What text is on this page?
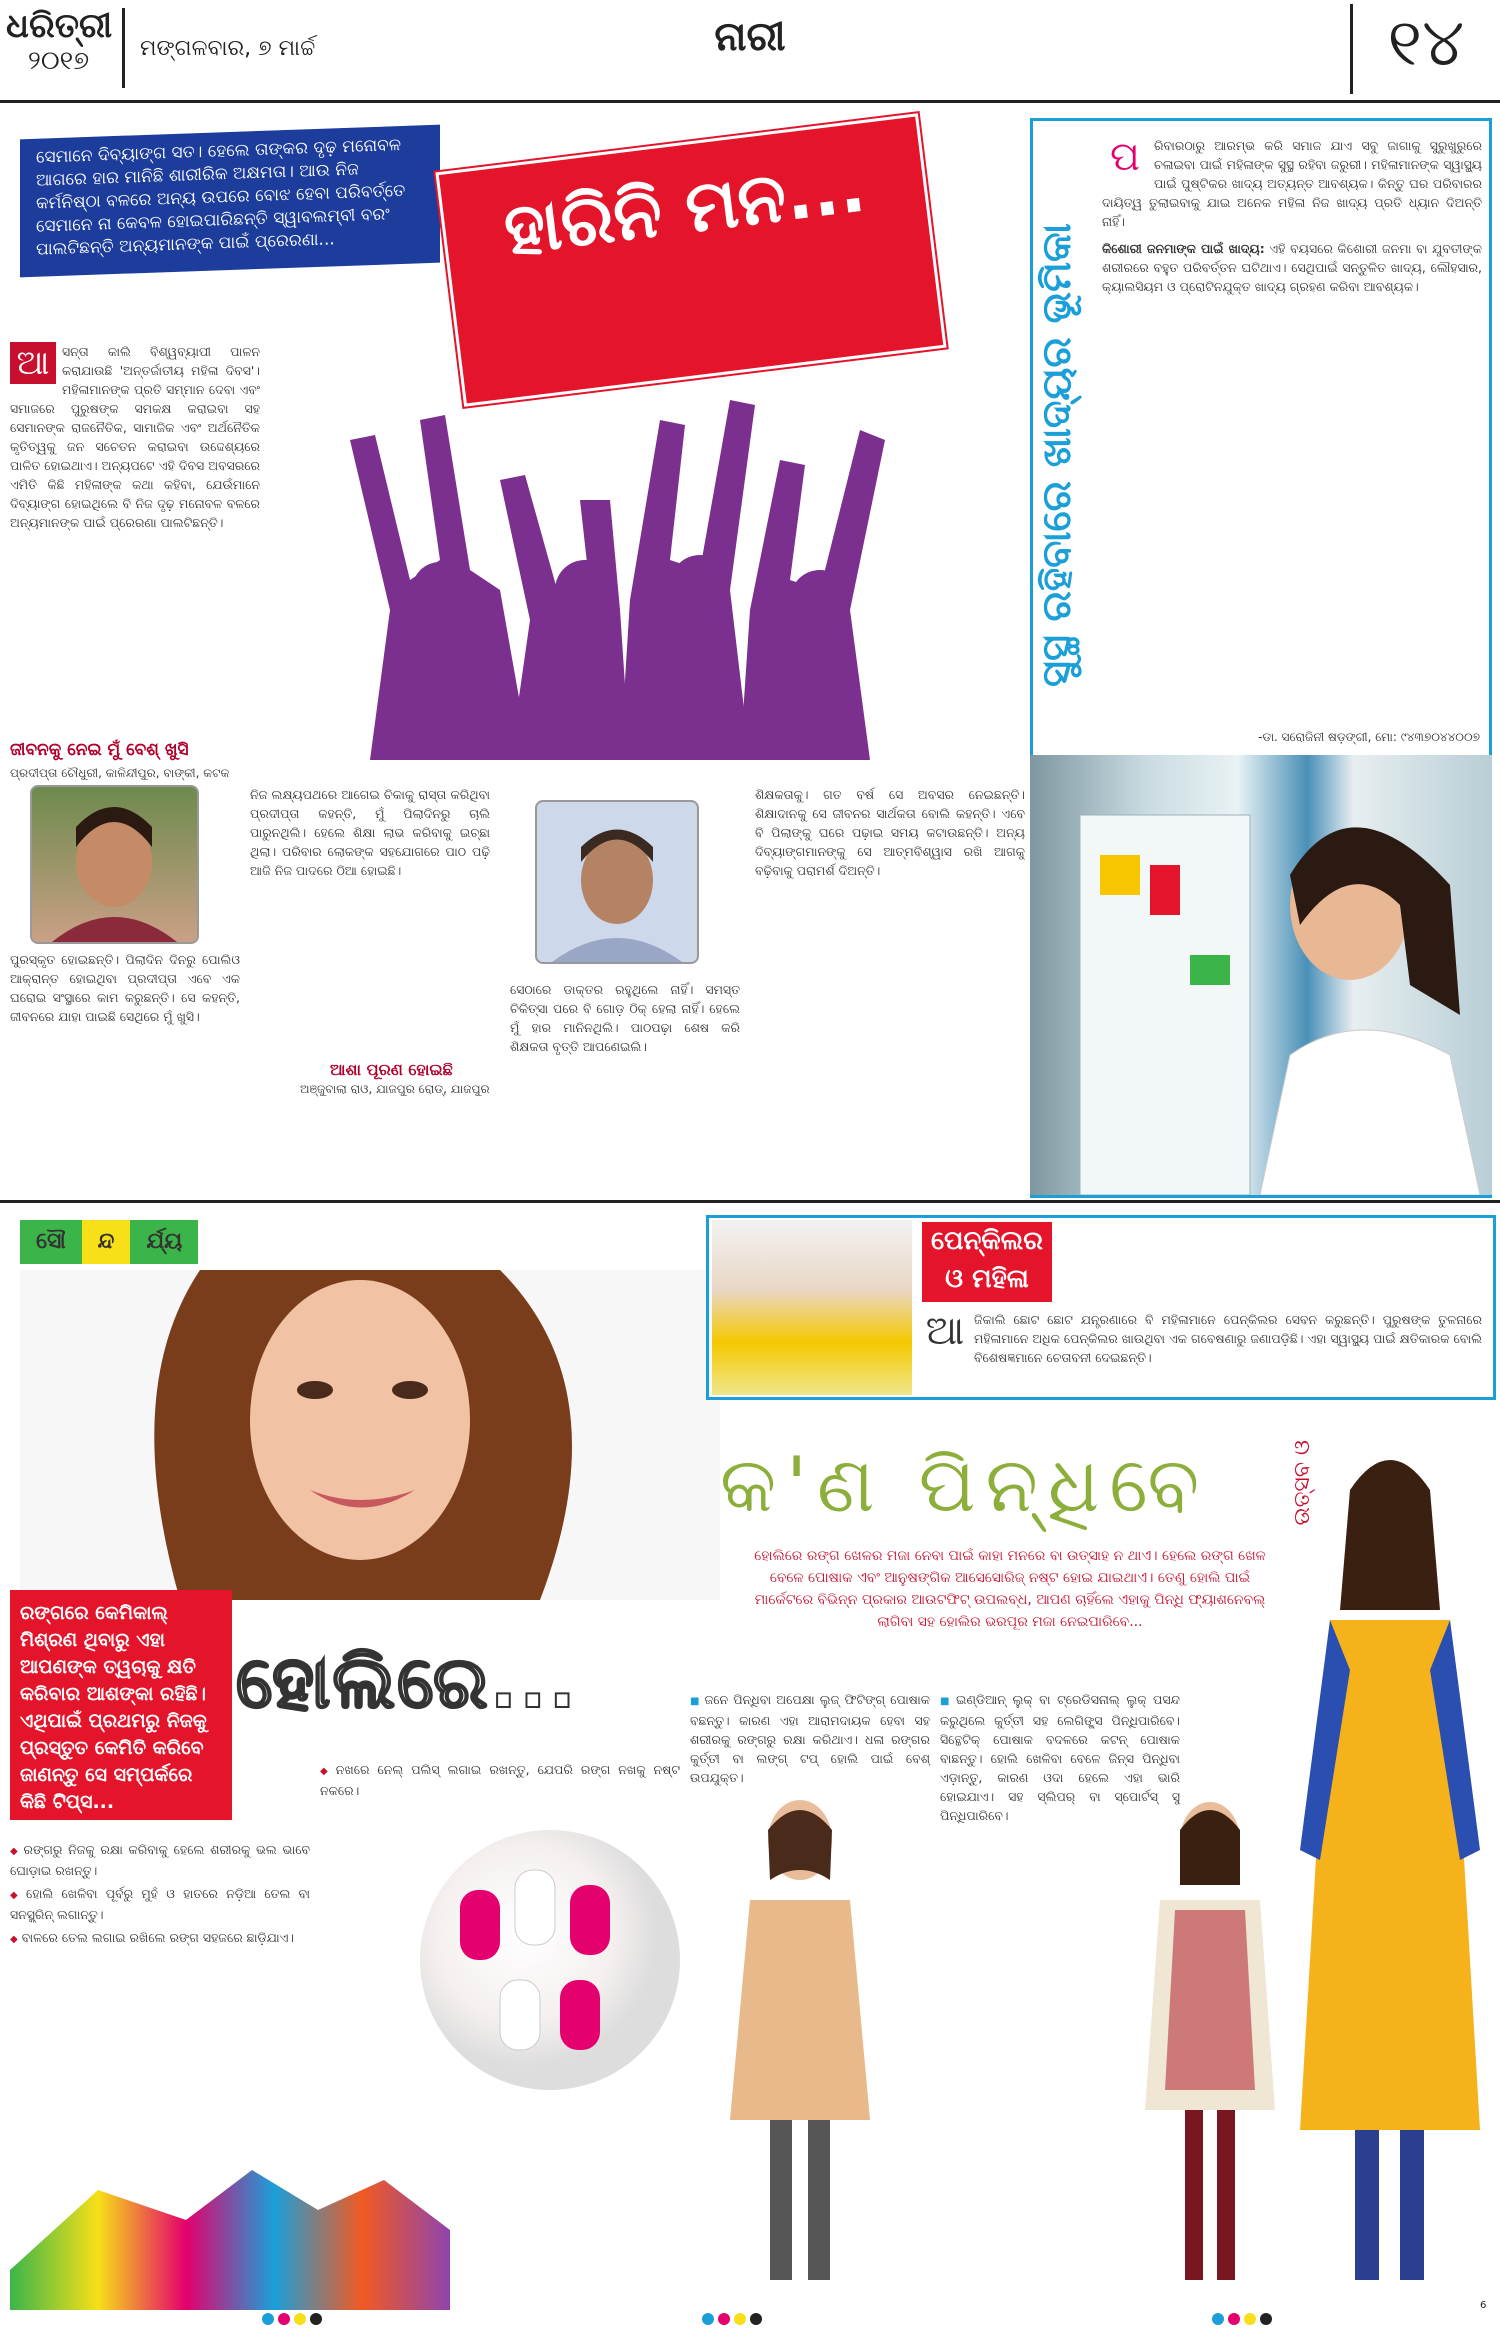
ଧରିତ୍ରୀ
୨୦୧୭	ମଙ୍ଗଳବାର, ୭ ମାର୍ଚ୍ଚ	ନାରୀ	୧୪
ସେମାନେ ଦିବ୍ୟାଙ୍ଗ ସତ। ହେଲେ ତାଙ୍କର ଦୃଢ଼ ମନୋବଳ ଆଗରେ ହାର ମାନିଛି ଶାରୀରିକ ଅକ୍ଷମତା। ଆଉ ନିଜ କର୍ମନିଷ୍ଠା ବଳରେ ଅନ୍ୟ ଉପରେ ବୋଝ ହେବା ପରିବର୍ତ୍ତେ ସେମାନେ ନା କେବଳ ହୋଇପାରିଛନ୍ତି ସ୍ୱାବଲମ୍ବୀ ବରଂ ପାଲଟିଛନ୍ତି ଅନ୍ୟମାନଙ୍କ ପାଇଁ ପ୍ରେରଣା...	ହାରିନି ମନ...
ଆ	ସନ୍ତା କାଲି ବିଶ୍ୱବ୍ୟାପୀ ପାଳନ କରାଯାଉଛି 'ଅନ୍ତର୍ଜାତୀୟ ମହିଳା ଦିବସ'। ମହିଳାମାନଙ୍କ ପ୍ରତି ସମ୍ମାନ ଦେବା ଏବଂ ସମାଜରେ ପୁରୁଷଙ୍କ ସମକକ୍ଷ କରାଇବା ସହ ସେମାନଙ୍କ ରାଜନୈତିକ, ସାମାଜିକ ଏବଂ ଅର୍ଥନୈତିକ କୃତିତ୍ୱକୁ ଜନ ସଚେତନ କରାଇବା ଉଦ୍ଦେଶ୍ୟରେ ପାଳିତ ହୋଇଥାଏ। ଅନ୍ୟପଟେ ଏହି ଦିବସ ଅବସରରେ ଏମିତି କିଛି ମହିଳାଙ୍କ କଥା କହିବା, ଯେଉଁମାନେ ଦିବ୍ୟାଙ୍ଗ ହୋଇଥିଲେ ବି ନିଜ ଦୃଢ଼ ମନୋବଳ ବଳରେ ଅନ୍ୟମାନଙ୍କ ପାଇଁ ପ୍ରେରଣା ପାଲଟିଛନ୍ତି।
ଜୀବନକୁ ନେଇ ମୁଁ ବେଶ୍ ଖୁସି
ପ୍ରଦୀପ୍ତା ଚୌଧୁରୀ, କାଳିନ୍ଦୀପୁର, ବାଙ୍କୀ, କଟକ
ପୁରସ୍କୃତ ହୋଇଛନ୍ତି। ପିଲାଦିନ ଦିନରୁ ପୋଲିଓ ଆକ୍ରାନ୍ତ ହୋଇଥିବା ପ୍ରଦୀପ୍ତା ଏବେ ଏକ ଘରୋଇ ସଂସ୍ଥାରେ କାମ କରୁଛନ୍ତି। ସେ କହନ୍ତି, ଜୀବନରେ ଯାହା ପାଇଛି ସେଥିରେ ମୁଁ ଖୁସି।
ନିଜ ଲକ୍ଷ୍ୟପଥରେ ଆଗେଇ ଚିକାକୁ ରାସ୍ତା କରିଥିବା ପ୍ରଦୀପ୍ତା କହନ୍ତି, ମୁଁ ପିଲାଦିନରୁ ଚାଲି ପାରୁନଥିଲି। ହେଲେ ଶିକ୍ଷା ଲାଭ କରିବାକୁ ଇଚ୍ଛା ଥିଲା। ପରିବାର ଲୋକଙ୍କ ସହଯୋଗରେ ପାଠ ପଢ଼ି ଆଜି ନିଜ ପାଦରେ ଠିଆ ହୋଇଛି।
ଆଶା ପୂରଣ ହୋଇଛି
ଅଞ୍ଜୁବାଲା ରାଓ, ଯାଜପୁର ରୋଡ୍, ଯାଜପୁର
ସେଠାରେ ଡାକ୍ତର ରହୁଥିଲେ ନାହିଁ। ସମସ୍ତ ଚିକିତ୍ସା ପରେ ବି ଗୋଡ଼ ଠିକ୍ ହେଲା ନାହିଁ। ହେଲେ ମୁଁ ହାର ମାନିନଥିଲି। ପାଠପଢ଼ା ଶେଷ କରି ଶିକ୍ଷକତା ବୃତ୍ତି ଆପଣେଇଲି।
ଶିକ୍ଷକତାକୁ। ଗତ ବର୍ଷ ସେ ଅବସର ନେଇଛନ୍ତି। ଶିକ୍ଷାଦାନକୁ ସେ ଜୀବନର ସାର୍ଥକତା ବୋଲି କହନ୍ତି। ଏବେ ବି ପିଲାଙ୍କୁ ଘରେ ପଢ଼ାଇ ସମୟ କଟାଉଛନ୍ତି। ଅନ୍ୟ ଦିବ୍ୟାଙ୍ଗମାନଙ୍କୁ ସେ ଆତ୍ମବିଶ୍ୱାସ ରଖି ଆଗକୁ ବଢ଼ିବାକୁ ପରାମର୍ଶ ଦିଅନ୍ତି।
ସୁସ୍ଥ ରହିବାରେ ଖାଦ୍ୟର ଭୂମିକା
ପ	ରିବାରଠାରୁ ଆରମ୍ଭ କରି ସମାଜ ଯାଏ ସବୁ ଜାଗାକୁ ସୁରୁଖୁରୁରେ ଚଳାଇବା ପାଇଁ ମହିଳାଙ୍କ ସୁସ୍ଥ ରହିବା ଜରୁରୀ। ମହିଳାମାନଙ୍କ ସ୍ୱାସ୍ଥ୍ୟ ପାଇଁ ପୁଷ୍ଟିକର ଖାଦ୍ୟ ଅତ୍ୟନ୍ତ ଆବଶ୍ୟକ। କିନ୍ତୁ ଘର ପରିବାରର ଦାୟିତ୍ୱ ତୁଲାଇବାକୁ ଯାଇ ଅନେକ ମହିଳା ନିଜ ଖାଦ୍ୟ ପ୍ରତି ଧ୍ୟାନ ଦିଅନ୍ତି ନାହିଁ।

କିଶୋରୀ ଜନମାଙ୍କ ପାଇଁ ଖାଦ୍ୟ: ଏହି ବୟସରେ କିଶୋରୀ ଜନମା ବା ଯୁବତୀଙ୍କ ଶରୀରରେ ବହୁତ ପରିବର୍ତ୍ତନ ଘଟିଥାଏ। ସେଥିପାଇଁ ସନ୍ତୁଳିତ ଖାଦ୍ୟ, ଲୌହସାର, କ୍ୟାଲସିୟମ ଓ ପ୍ରୋଟିନଯୁକ୍ତ ଖାଦ୍ୟ ଗ୍ରହଣ କରିବା ଆବଶ୍ୟକ।

-ଡା. ସରୋଜିନୀ ଷଡ଼ଙ୍ଗୀ, ମୋ: ୯୪୩୭୦୪୪୦୦୭
ସୌ ନ୍ଦ ର୍ଯ୍ୟ
ରଙ୍ଗରେ କେମିକାଲ୍ ମିଶ୍ରଣ ଥିବାରୁ ଏହା ଆପଣଙ୍କ ତ୍ୱଚାକୁ କ୍ଷତି କରିବାର ଆଶଙ୍କା ରହିଛି। ଏଥିପାଇଁ ପ୍ରଥମରୁ ନିଜକୁ ପ୍ରସ୍ତୁତ କେମିତି କରିବେ ଜାଣନ୍ତୁ ସେ ସମ୍ପର୍କରେ କିଛି ଟିପ୍ସ...
ହୋଲିରେ...

◆ ରଙ୍ଗରୁ ନିଜକୁ ରକ୍ଷା କରିବାକୁ ହେଲେ ଶରୀରକୁ ଭଲ ଭାବେ ଘୋଡ଼ାଇ ରଖନ୍ତୁ।

◆ ହୋଲି ଖେଳିବା ପୂର୍ବରୁ ମୁହଁ ଓ ହାତରେ ନଡ଼ିଆ ତେଲ ବା ସନସ୍କ୍ରିନ୍ ଲଗାନ୍ତୁ।

◆ ବାଳରେ ତେଲ ଲଗାଇ ରଖିଲେ ରଙ୍ଗ ସହଜରେ ଛାଡ଼ିଯାଏ।

◆ ନଖରେ ନେଲ୍ ପଲିସ୍ ଲଗାଇ ରଖନ୍ତୁ, ଯେପରି ରଙ୍ଗ ନଖକୁ ନଷ୍ଟ ନକରେ।

ପେନ୍‌କିଲର ଓ ମହିଳା
ଆ ଜିକାଲି ଛୋଟ ଛୋଟ ଯନ୍ତ୍ରଣାରେ ବି ମହିଳାମାନେ ପେନ୍‌କିଲର ସେବନ କରୁଛନ୍ତି। ପୁରୁଷଙ୍କ ତୁଳନାରେ ମହିଳାମାନେ ଅଧିକ ପେନ୍‌କିଲର ଖାଉଥିବା ଏକ ଗବେଷଣାରୁ ଜଣାପଡ଼ିଛି। ଏହା ସ୍ୱାସ୍ଥ୍ୟ ପାଇଁ କ୍ଷତିକାରକ ବୋଲି ବିଶେଷଜ୍ଞମାନେ ଚେତାବନୀ ଦେଇଛନ୍ତି।
କ'ଣ ପିନ୍ଧିବେ	ଉତ୍ସବ ଓ
ହୋଲିରେ ରଙ୍ଗ ଖେଳର ମଜା ନେବା ପାଇଁ କାହା ମନରେ ବା ଉତ୍ସାହ ନ ଥାଏ। ହେଲେ ରଙ୍ଗ ଖେଳ ବେଳେ ପୋଷାକ ଏବଂ ଆନୁଷଙ୍ଗିକ ଆସେସୋରିଜ୍ ନଷ୍ଟ ହୋଇ ଯାଇଥାଏ। ତେଣୁ ହୋଲି ପାଇଁ ମାର୍କେଟରେ ବିଭିନ୍ନ ପ୍ରକାର ଆଉଟଫିଟ୍ ଉପଲବ୍ଧ, ଆପଣ ଚାହିଁଲେ ଏହାକୁ ପିନ୍ଧି ଫ୍ୟାଶନେବଲ୍ ଲାଗିବା ସହ ହୋଲିର ଭରପୂର ମଜା ନେଇପାରିବେ...

■ ଜନେ ପିନ୍ଧିବା ଅପେକ୍ଷା ଲୁଜ୍ ଫିଟିଙ୍ଗ୍ ପୋଷାକ ବଛନ୍ତୁ। କାରଣ ଏହା ଆରାମଦାୟକ ହେବା ସହ ଶରୀରକୁ ରଙ୍ଗରୁ ରକ୍ଷା କରିଥାଏ। ଧଳା ରଙ୍ଗର କୁର୍ତ୍ତୀ ବା ଲଙ୍ଗ୍ ଟପ୍ ହୋଲି ପାଇଁ ବେଶ୍ ଉପଯୁକ୍ତ।

■ ଇଣ୍ଡିଆନ୍ ଲୁକ୍ ବା ଟ୍ରେଡିସନାଲ୍ ଲୁକ୍ ପସନ୍ଦ କରୁଥିଲେ କୁର୍ତ୍ତୀ ସହ ଲେଗିଙ୍ଗ୍ସ ପିନ୍ଧିପାରିବେ। ସିନ୍ଥେଟିକ୍ ପୋଷାକ ବଦଳରେ କଟନ୍ ପୋଷାକ ବାଛନ୍ତୁ। ହୋଲି ଖେଳିବା ବେଳେ ଜିନ୍ସ ପିନ୍ଧିବା ଏଡ଼ାନ୍ତୁ, କାରଣ ଓଦା ହେଲେ ଏହା ଭାରି ହୋଇଯାଏ। ସହ ସ୍ଲିପର୍ ବା ସ୍ପୋର୍ଟସ୍ ସୁ ପିନ୍ଧିପାରିବେ।

6
